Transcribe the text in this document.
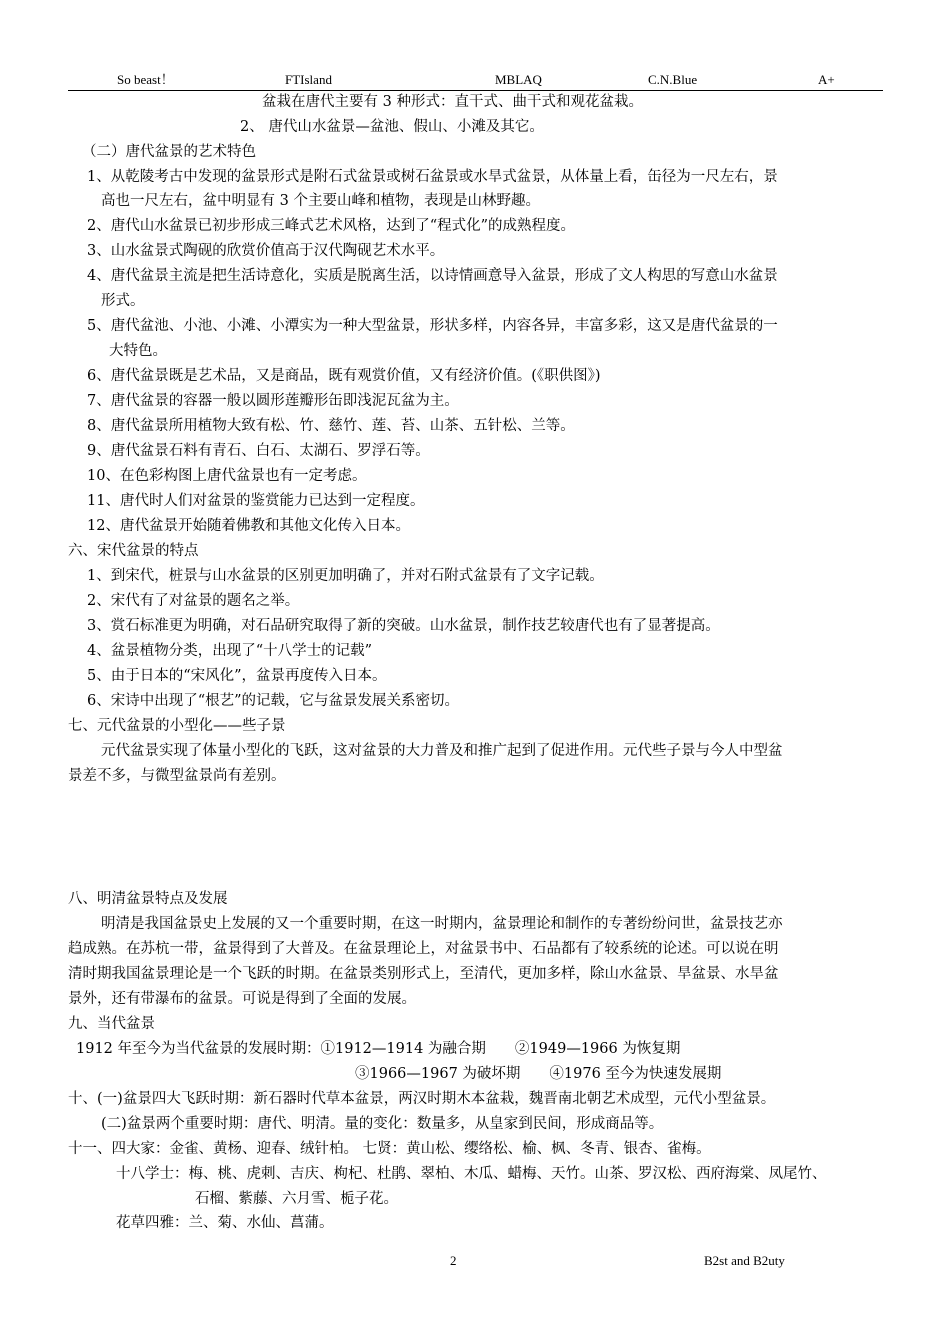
So beast！	FTIsland	MBLAQ	C.N.Blue	A+
盆栽在唐代主要有 3 种形式：直干式、曲干式和观花盆栽。
2、 唐代山水盆景—盆池、假山、小滩及其它。
（二）唐代盆景的艺术特色
1、从乾陵考古中发现的盆景形式是附石式盆景或树石盆景或水旱式盆景，从体量上看，缶径为一尺左右，景
高也一尺左右，盆中明显有 3 个主要山峰和植物，表现是山林野趣。
2、唐代山水盆景已初步形成三峰式艺术风格，达到了“程式化”的成熟程度。
3、山水盆景式陶砚的欣赏价值高于汉代陶砚艺术水平。
4、唐代盆景主流是把生活诗意化，实质是脱离生活，以诗情画意导入盆景，形成了文人构思的写意山水盆景
形式。
5、唐代盆池、小池、小滩、小潭实为一种大型盆景，形状多样，内容各异，丰富多彩，这又是唐代盆景的一
大特色。
6、唐代盆景既是艺术品，又是商品，既有观赏价值，又有经济价值。(《职供图》)
7、唐代盆景的容器一般以圆形莲瓣形缶即浅泥瓦盆为主。
8、唐代盆景所用植物大致有松、竹、慈竹、莲、苔、山茶、五针松、兰等。
9、唐代盆景石料有青石、白石、太湖石、罗浮石等。
10、在色彩构图上唐代盆景也有一定考虑。
11、唐代时人们对盆景的鉴赏能力已达到一定程度。
12、唐代盆景开始随着佛教和其他文化传入日本。
六、宋代盆景的特点
1、到宋代，桩景与山水盆景的区别更加明确了，并对石附式盆景有了文字记载。
2、宋代有了对盆景的题名之举。
3、赏石标准更为明确，对石品研究取得了新的突破。山水盆景，制作技艺较唐代也有了显著提高。
4、盆景植物分类，出现了“十八学士的记载”
5、由于日本的“宋风化”，盆景再度传入日本。
6、宋诗中出现了“根艺”的记载，它与盆景发展关系密切。
七、元代盆景的小型化——些子景
元代盆景实现了体量小型化的飞跃，这对盆景的大力普及和推广起到了促进作用。元代些子景与今人中型盆
景差不多，与微型盆景尚有差别。
八、明清盆景特点及发展
明清是我国盆景史上发展的又一个重要时期，在这一时期内，盆景理论和制作的专著纷纷问世，盆景技艺亦
趋成熟。在苏杭一带，盆景得到了大普及。在盆景理论上，对盆景书中、石品都有了较系统的论述。可以说在明
清时期我国盆景理论是一个飞跃的时期。在盆景类别形式上，至清代，更加多样，除山水盆景、旱盆景、水旱盆
景外，还有带瀑布的盆景。可说是得到了全面的发展。
九、当代盆景
1912 年至今为当代盆景的发展时期：①1912—1914 为融合期　　②1949—1966 为恢复期
③1966—1967 为破坏期　　④1976 至今为快速发展期
十、(一)盆景四大飞跃时期：新石器时代草本盆景，两汉时期木本盆栽，魏晋南北朝艺术成型，元代小型盆景。
(二)盆景两个重要时期：唐代、明清。量的变化：数量多，从皇家到民间，形成商品等。
十一、四大家：金雀、黄杨、迎春、绒针柏。 七贤：黄山松、缨络松、榆、枫、冬青、银杏、雀梅。
十八学士：梅、桃、虎刺、吉庆、枸杞、杜鹃、翠柏、木瓜、蜡梅、天竹。山茶、罗汉松、西府海棠、凤尾竹、
石榴、紫藤、六月雪、栀子花。
花草四雅：兰、菊、水仙、菖蒲。
2	B2st and B2uty
